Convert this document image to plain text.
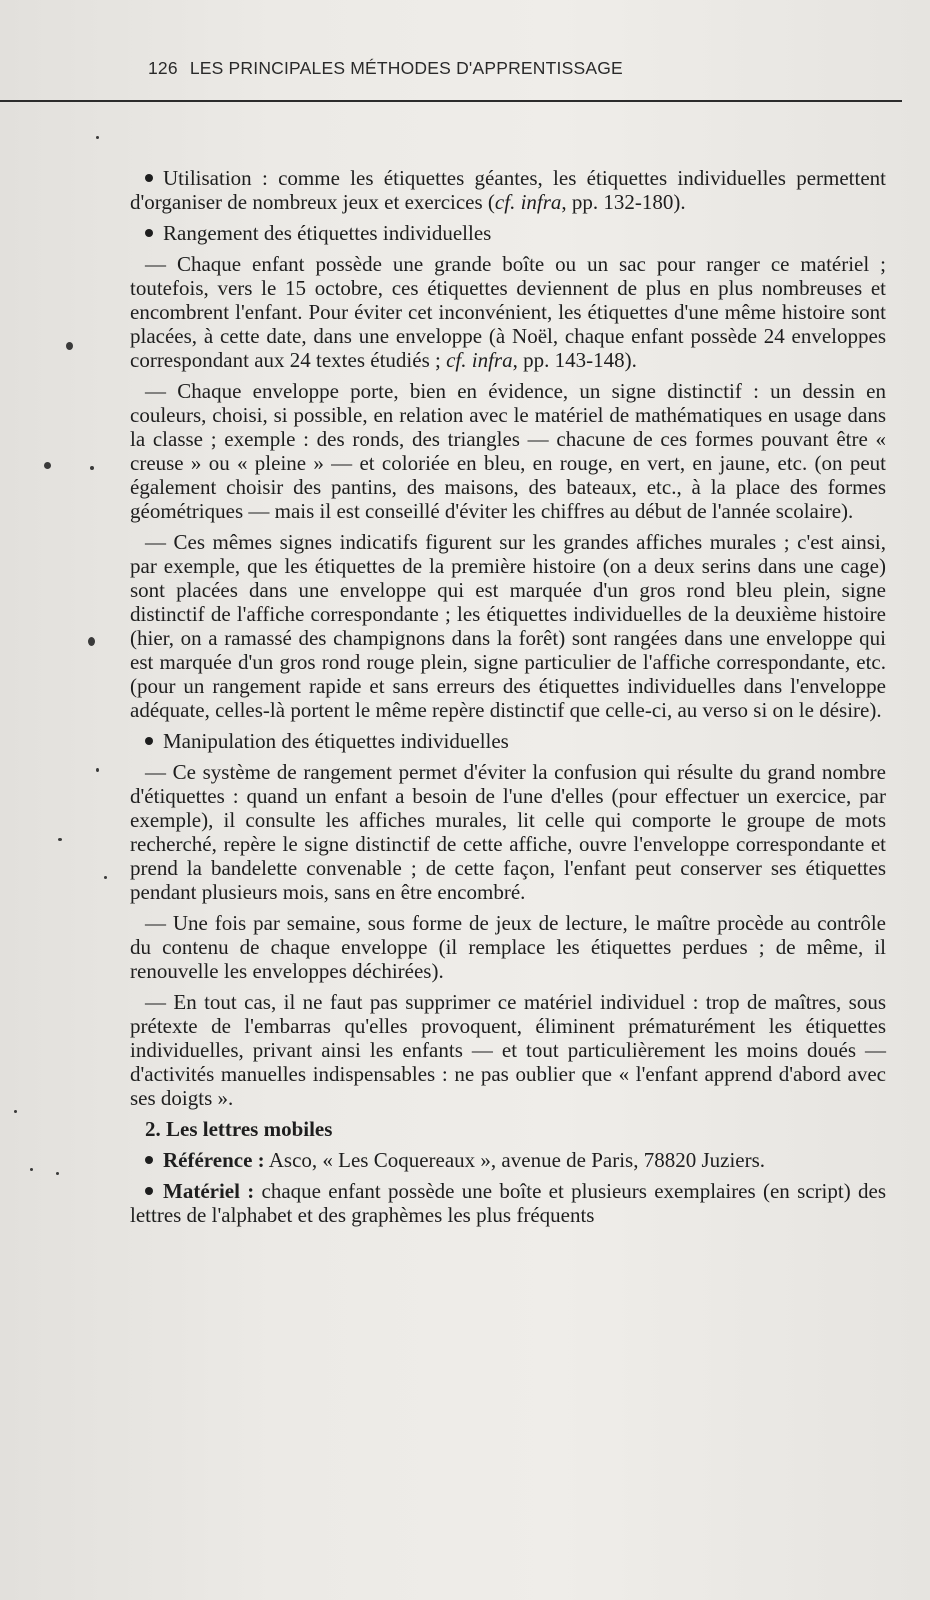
126 LES PRINCIPALES MÉTHODES D'APPRENTISSAGE

Utilisation : comme les étiquettes géantes, les étiquettes individuelles permettent d'organiser de nombreux jeux et exercices (cf. infra, pp. 132-180).

Rangement des étiquettes individuelles

— Chaque enfant possède une grande boîte ou un sac pour ranger ce matériel ; toutefois, vers le 15 octobre, ces étiquettes deviennent de plus en plus nombreuses et encombrent l'enfant. Pour éviter cet inconvénient, les étiquettes d'une même histoire sont placées, à cette date, dans une enveloppe (à Noël, chaque enfant possède 24 enveloppes correspondant aux 24 textes étudiés ; cf. infra, pp. 143-148).

— Chaque enveloppe porte, bien en évidence, un signe distinctif : un dessin en couleurs, choisi, si possible, en relation avec le matériel de mathématiques en usage dans la classe ; exemple : des ronds, des triangles — chacune de ces formes pouvant être « creuse » ou « pleine » — et coloriée en bleu, en rouge, en vert, en jaune, etc. (on peut également choisir des pantins, des maisons, des bateaux, etc., à la place des formes géométriques — mais il est conseillé d'éviter les chiffres au début de l'année scolaire).

— Ces mêmes signes indicatifs figurent sur les grandes affiches murales ; c'est ainsi, par exemple, que les étiquettes de la première histoire (on a deux serins dans une cage) sont placées dans une enveloppe qui est marquée d'un gros rond bleu plein, signe distinctif de l'affiche correspondante ; les étiquettes individuelles de la deuxième histoire (hier, on a ramassé des champignons dans la forêt) sont rangées dans une enveloppe qui est marquée d'un gros rond rouge plein, signe particulier de l'affiche correspondante, etc. (pour un rangement rapide et sans erreurs des étiquettes individuelles dans l'enveloppe adéquate, celles-là portent le même repère distinctif que celle-ci, au verso si on le désire).

Manipulation des étiquettes individuelles

— Ce système de rangement permet d'éviter la confusion qui résulte du grand nombre d'étiquettes : quand un enfant a besoin de l'une d'elles (pour effectuer un exercice, par exemple), il consulte les affiches murales, lit celle qui comporte le groupe de mots recherché, repère le signe distinctif de cette affiche, ouvre l'enveloppe correspondante et prend la bandelette convenable ; de cette façon, l'enfant peut conserver ses étiquettes pendant plusieurs mois, sans en être encombré.

— Une fois par semaine, sous forme de jeux de lecture, le maître procède au contrôle du contenu de chaque enveloppe (il remplace les étiquettes perdues ; de même, il renouvelle les enveloppes déchirées).

— En tout cas, il ne faut pas supprimer ce matériel individuel : trop de maîtres, sous prétexte de l'embarras qu'elles provoquent, éliminent prématurément les étiquettes individuelles, privant ainsi les enfants — et tout particulièrement les moins doués — d'activités manuelles indispensables : ne pas oublier que « l'enfant apprend d'abord avec ses doigts ».

2. Les lettres mobiles

Référence : Asco, « Les Coquereaux », avenue de Paris, 78820 Juziers.

Matériel : chaque enfant possède une boîte et plusieurs exemplaires (en script) des lettres de l'alphabet et des graphèmes les plus fréquents
